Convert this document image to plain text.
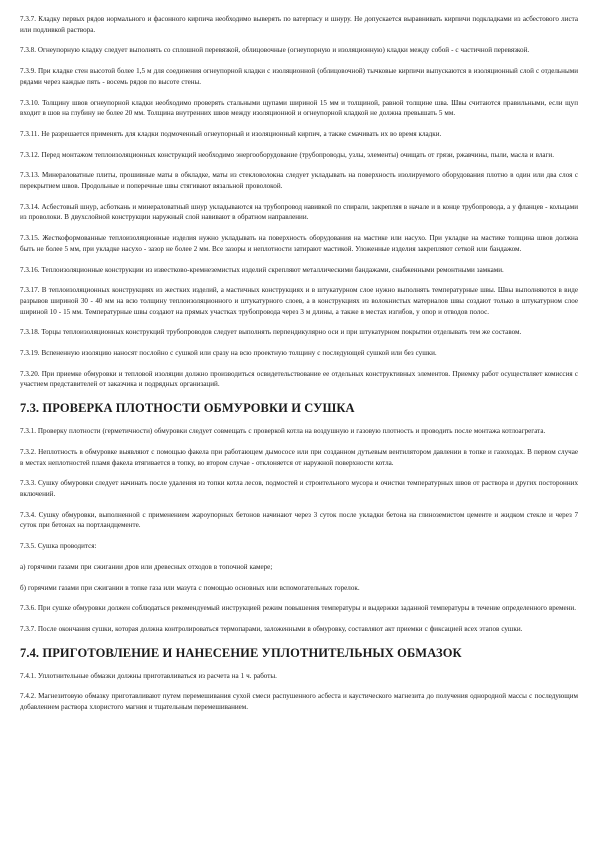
7.3.7. Кладку первых рядов нормального и фасонного кирпича необходимо выверять по ватерпасу и шнуру. Не допускается выравнивать кирпичи подкладками из асбестового листа или подливкой раствора.

7.3.8. Огнеупорную кладку следует выполнять со сплошной перевязкой, облицовочные (огнеупорную и изоляционную) кладки между собой - с частичной перевязкой.

7.3.9. При кладке стен высотой более 1,5 м для соединения огнеупорной кладки с изоляционной (облицовочной) тычковые кирпичи выпускаются в изоляционный слой с отдельными рядами через каждые пять - восемь рядов по высоте стены.

7.3.10. Толщину швов огнеупорной кладки необходимо проверять стальными щупами шириной 15 мм и толщиной, равной толщине шва. Швы считаются правильными, если щуп входит в шов на глубину не более 20 мм. Толщина внутренних швов между изоляционной и огнеупорной кладкой не должна превышать 5 мм.

7.3.11. Не разрешается применять для кладки подмоченный огнеупорный и изоляционный кирпич, а также смачивать их во время кладки.

7.3.12. Перед монтажом теплоизоляционных конструкций необходимо энергооборудование (трубопроводы, узлы, элементы) очищать от грязи, ржавчины, пыли, масла и влаги.

7.3.13. Минераловатные плиты, прошивные маты в обкладке, маты из стекловолокна следует укладывать на поверхность изолируемого оборудования плотно в один или два слоя с перекрытием швов. Продольные и поперечные швы стягивают вязальной проволокой.

7.3.14. Асбестовый шнур, асботкань и минераловатный шнур укладываются на трубопровод навивкой по спирали, закрепляя в начале и в конце трубопровода, а у фланцев - кольцами из проволоки. В двухслойной конструкции наружный слой навивают в обратном направлении.

7.3.15. Жесткоформованные теплоизоляционные изделия нужно укладывать на поверхность оборудования на мастике или насухо. При укладке на мастике толщина швов должна быть не более 5 мм, при укладке насухо - зазор не более 2 мм. Все зазоры и неплотности затирают мастикой. Уложенные изделия закрепляют сеткой или бандажом.

7.3.16. Теплоизоляционные конструкции из известково-кремнеземистых изделий скрепляют металлическими бандажами, снабженными ремонтными замками.

7.3.17. В теплоизоляционных конструкциях из жестких изделий, а мастичных конструкциях и в штукатурном слое нужно выполнять температурные швы. Швы выполняются в виде разрывов шириной 30 - 40 мм на всю толщину теплоизоляционного и штукатурного слоев, а в конструкциях из волокнистых материалов швы создают только в штукатурном слое шириной 10 - 15 мм. Температурные швы создают на прямых участках трубопровода через 3 м длины, а также в местах изгибов, у опор и отводов полос.

7.3.18. Торцы теплоизоляционных конструкций трубопроводов следует выполнять перпендикулярно оси и при штукатурном покрытии отделывать тем же составом.

7.3.19. Вспененную изоляцию наносят послойно с сушкой или сразу на всю проектную толщину с последующей сушкой или без сушки.

7.3.20. При приемке обмуровки и тепловой изоляции должно производиться освидетельствование ее отдельных конструктивных элементов. Приемку работ осуществляет комиссия с участием представителей от заказчика и подрядных организаций.

7.3. ПРОВЕРКА ПЛОТНОСТИ ОБМУРОВКИ И СУШКА

7.3.1. Проверку плотности (герметичности) обмуровки следует совмещать с проверкой котла на воздушную и газовую плотность и проводить после монтажа котлоагрегата.

7.3.2. Неплотность в обмуровке выявляют с помощью факела при работающем дымососе или при созданном дутьевым вентилятором давлении в топке и газоходах. В первом случае в местах неплотностей пламя факела втягивается в топку, во втором случае - отклоняется от наружной поверхности котла.

7.3.3. Сушку обмуровки следует начинать после удаления из топки котла лесов, подмостей и строительного мусора и очистки температурных швов от раствора и других посторонних включений.

7.3.4. Сушку обмуровки, выполненной с применением жароупорных бетонов начинают через 3 суток после укладки бетона на глиноземистом цементе и жидком стекле и через 7 суток при бетонах на портландцементе.

7.3.5. Сушка проводится:

а) горячими газами при сжигании дров или древесных отходов в топочной камере;

б) горячими газами при сжигании в топке газа или мазута с помощью основных или вспомогательных горелок.

7.3.6. При сушке обмуровки должен соблюдаться рекомендуемый инструкцией режим повышения температуры и выдержки заданной температуры в течение определенного времени.

7.3.7. После окончания сушки, которая должна контролироваться термопарами, заложенными в обмуровку, составляют акт приемки с фиксацией всех этапов сушки.

7.4. ПРИГОТОВЛЕНИЕ И НАНЕСЕНИЕ УПЛОТНИТЕЛЬНЫХ ОБМАЗОК

7.4.1. Уплотнительные обмазки должны приготавливаться из расчета на 1 ч. работы.

7.4.2. Магнезитовую обмазку приготавливают путем перемешивания сухой смеси распушенного асбеста и каустического магнезита до получения однородной массы с последующим добавлением раствора хлористого магния и тщательным перемешиванием.
